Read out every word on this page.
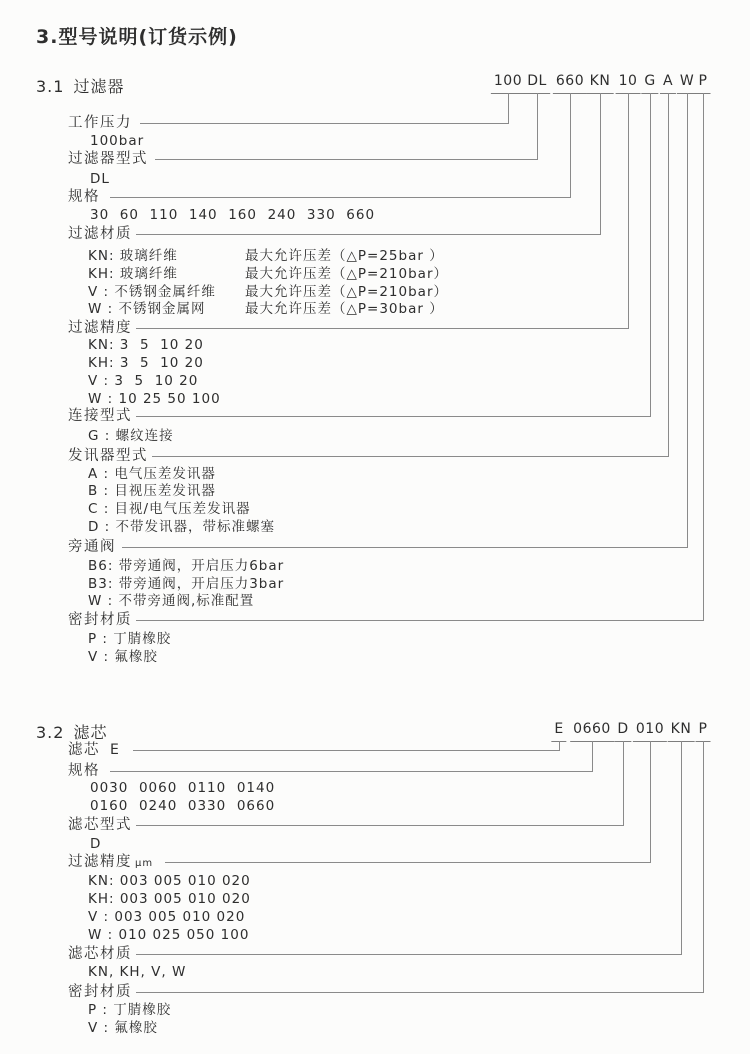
3.型号说明(订货示例)
3.1 过滤器	100 DL 660 KN 10 G A W P
工作压力
过滤器型式
规格
过滤材质
过滤精度
连接型式
发讯器型式
旁通阀
密封材质
100bar
DL
30  60  110  140  160  240  330  660
KN: 玻璃纤维	最大允许压差（△P=25bar ）
KH: 玻璃纤维	最大允许压差（△P=210bar）
V : 不锈钢金属纤维 最大允许压差（△P=210bar）
W : 不锈钢金属网	最大允许压差（△P=30bar ）
KN: 3  5  10 20
KH: 3  5  10 20
V : 3  5  10 20
W : 10 25 50 100
G : 螺纹连接
A : 电气压差发讯器
B : 目视压差发讯器
C : 目视/电气压差发讯器
D : 不带发讯器，带标准螺塞
B6: 带旁通阀，开启压力6bar
B3: 带旁通阀，开启压力3bar
W : 不带旁通阀,标准配置
P : 丁腈橡胶
V : 氟橡胶
3.2 滤芯	E 0660 D 010 KN P
滤芯 E
规格
滤芯型式
过滤精度 μm
滤芯材质
密封材质
0030  0060  0110  0140
0160  0240  0330  0660
D
KN: 003 005 010 020
KH: 003 005 010 020
V : 003 005 010 020
W : 010 025 050 100
KN, KH, V, W
P : 丁腈橡胶
V : 氟橡胶
